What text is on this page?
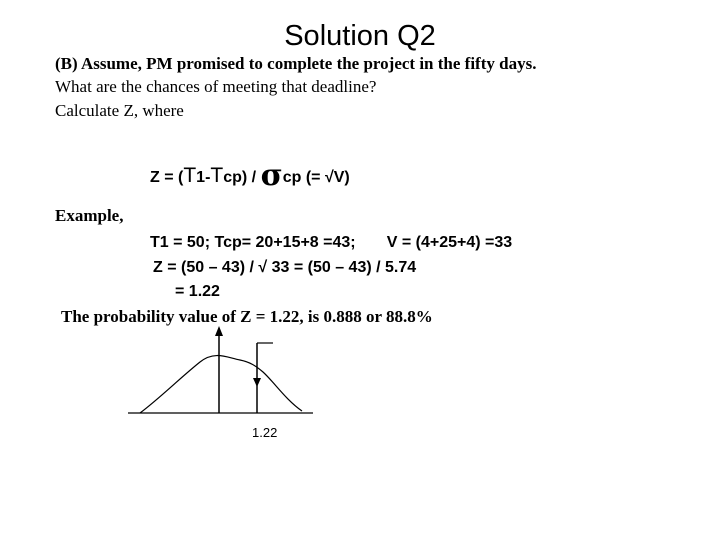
Solution Q2
(B) Assume, PM promised to complete the project in the fifty days.
What are the chances of meeting that deadline?
Calculate Z, where
Z = (T1-Tcp) / σcp (= √V)
Example,
T1 = 50; Tcp= 20+15+8 =43;       V = (4+25+4) =33
Z = (50 – 43) / √ 33 = (50 – 43) / 5.74
= 1.22
The probability value of Z = 1.22, is 0.888 or 88.8%
1.22
